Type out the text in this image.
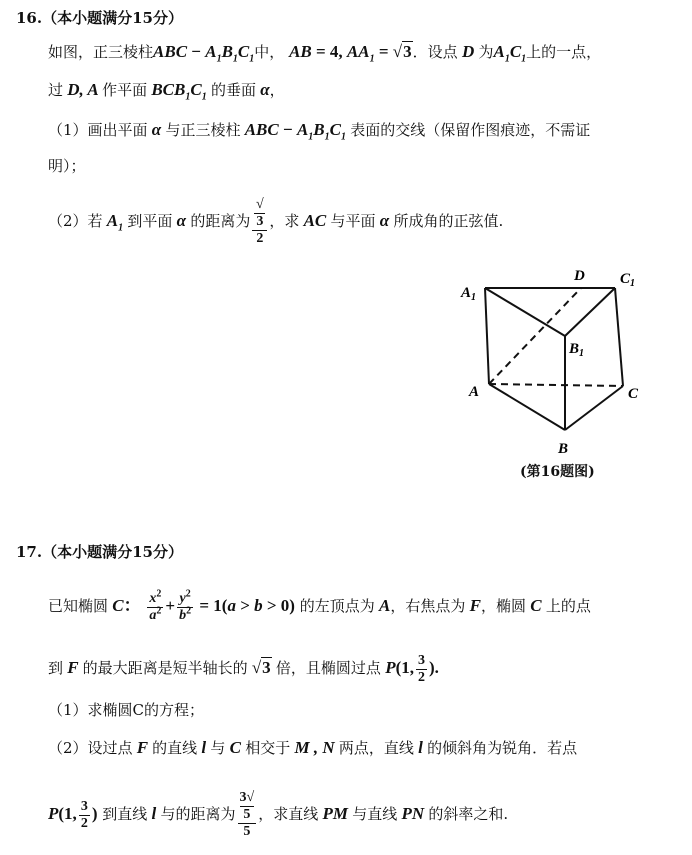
16.（本小题满分15分）
如图，正三棱柱ABC − $A_1B_1C_1$中， AB = 4, $AA_1 = √3$．设点 D 为$A_1C_1$上的一点，
过 D, A 作平面 $BCB_1C_1$ 的垂面 α，
（1）画出平面 α 与正三棱柱 ABC − $A_1B_1C_1$ 表面的交线（保留作图痕迹，不需证
明）；
（2）若 $A_1$ 到平面 α 的距离为 √
3
2 ，求 AC 与平面 α 所成角的正弦值.
$A_1$
D $C_1$
$B_1$
A	C
B
(第16题图)
17.（本小题满分15分）
已知椭圆 C： $\frac{x^2}{a^2} + \frac{y^2}{b^2} = 1(a > b > 0)$ 的左顶点为 A，右焦点为 F，椭圆 C 上的点
到 F 的最大距离是短半轴长的 √3 倍，且椭圆过点 P(1, $\frac{3}{2}$ ).
（1）求椭圆C的方程；
（2）设过点 F 的直线 l 与 C 相交于 M , N 两点，直线 l 的倾斜角为锐角．若点
P(1, $\frac{3}{2}$ ) 到直线 l 与的距离为 3√
5
5 ，求直线 PM 与直线 PN 的斜率之和.
